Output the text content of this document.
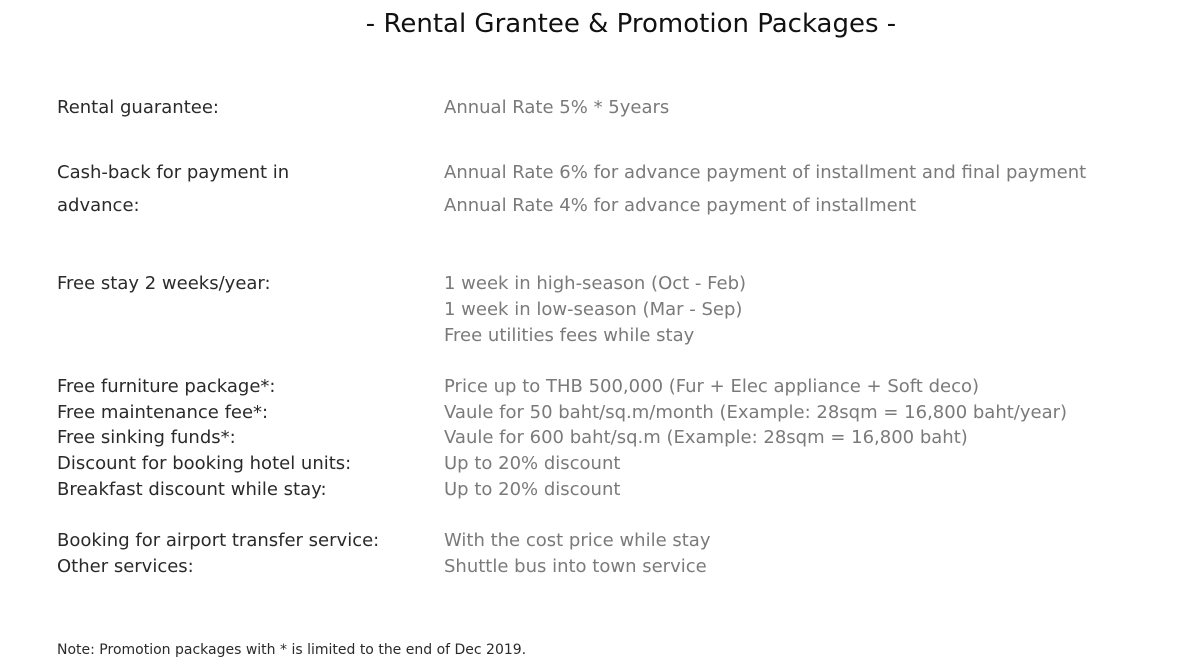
- Rental Grantee & Promotion Packages -
Rental guarantee:	Annual Rate 5% * 5years
Cash-back for payment in	Annual Rate 6% for advance payment of installment and final payment
advance:	Annual Rate 4% for advance payment of installment
Free stay 2 weeks/year:	1 week in high-season (Oct - Feb)
1 week in low-season (Mar - Sep)
Free utilities fees while stay
Free furniture package*:	Price up to THB 500,000 (Fur + Elec appliance + Soft deco)
Free maintenance fee*:	Vaule for 50 baht/sq.m/month (Example: 28sqm = 16,800 baht/year)
Free sinking funds*:	Vaule for 600 baht/sq.m (Example: 28sqm = 16,800 baht)
Discount for booking hotel units:	Up to 20% discount
Breakfast discount while stay:	Up to 20% discount
Booking for airport transfer service:	With the cost price while stay
Other services:	Shuttle bus into town service
Note: Promotion packages with * is limited to the end of Dec 2019.
